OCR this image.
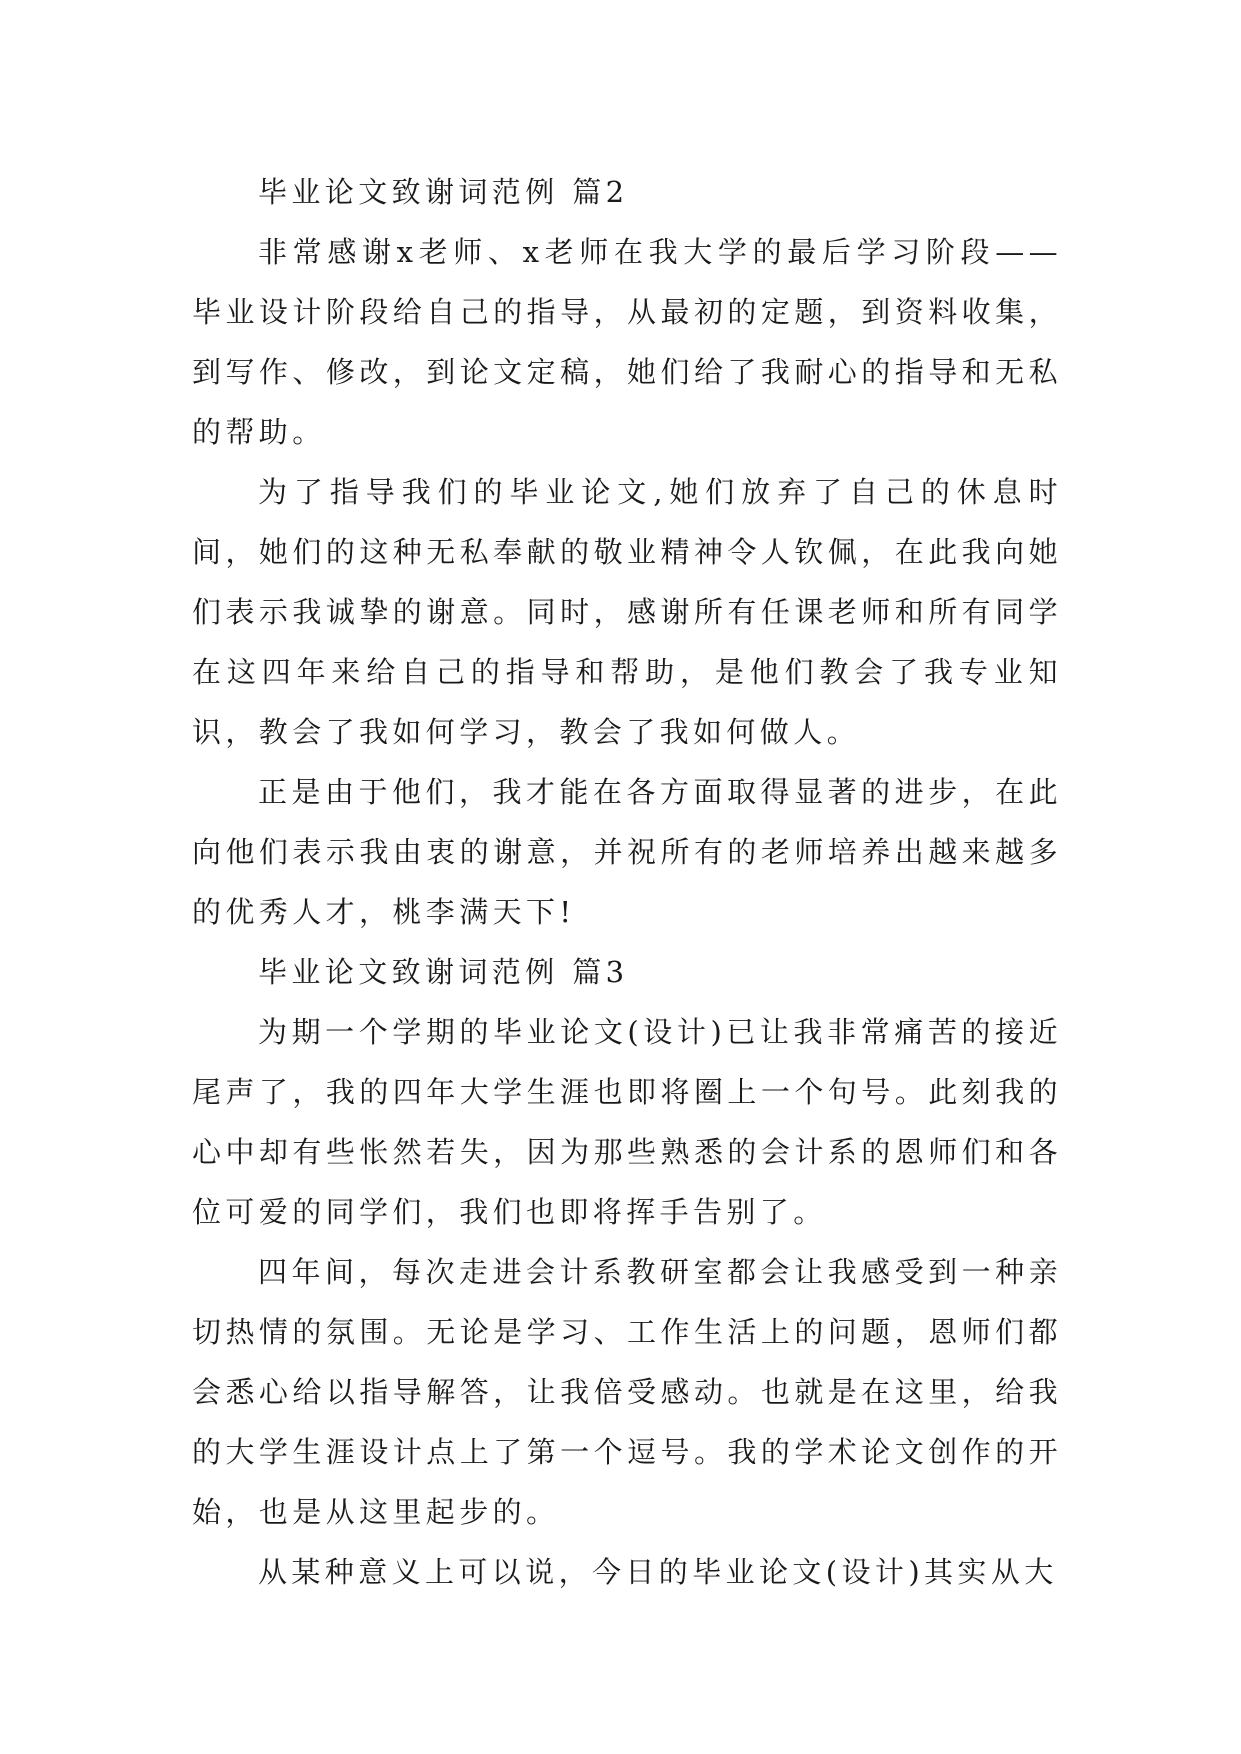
毕业论文致谢词范例 篇2

非常感谢x老师、x老师在我大学的最后学习阶段——毕业设计阶段给自己的指导，从最初的定题，到资料收集，到写作、修改，到论文定稿，她们给了我耐心的指导和无私的帮助。

为了指导我们的毕业论文,她们放弃了自己的休息时间，她们的这种无私奉献的敬业精神令人钦佩，在此我向她们表示我诚挚的谢意。同时，感谢所有任课老师和所有同学在这四年来给自己的指导和帮助，是他们教会了我专业知识，教会了我如何学习，教会了我如何做人。

正是由于他们，我才能在各方面取得显著的进步，在此向他们表示我由衷的谢意，并祝所有的老师培养出越来越多的优秀人才，桃李满天下!

毕业论文致谢词范例 篇3

为期一个学期的毕业论文(设计)已让我非常痛苦的接近尾声了，我的四年大学生涯也即将圈上一个句号。此刻我的心中却有些怅然若失，因为那些熟悉的会计系的恩师们和各位可爱的同学们，我们也即将挥手告别了。

四年间，每次走进会计系教研室都会让我感受到一种亲切热情的氛围。无论是学习、工作生活上的问题，恩师们都会悉心给以指导解答，让我倍受感动。也就是在这里，给我的大学生涯设计点上了第一个逗号。我的学术论文创作的开始，也是从这里起步的。

从某种意义上可以说，今日的毕业论文(设计)其实从大
